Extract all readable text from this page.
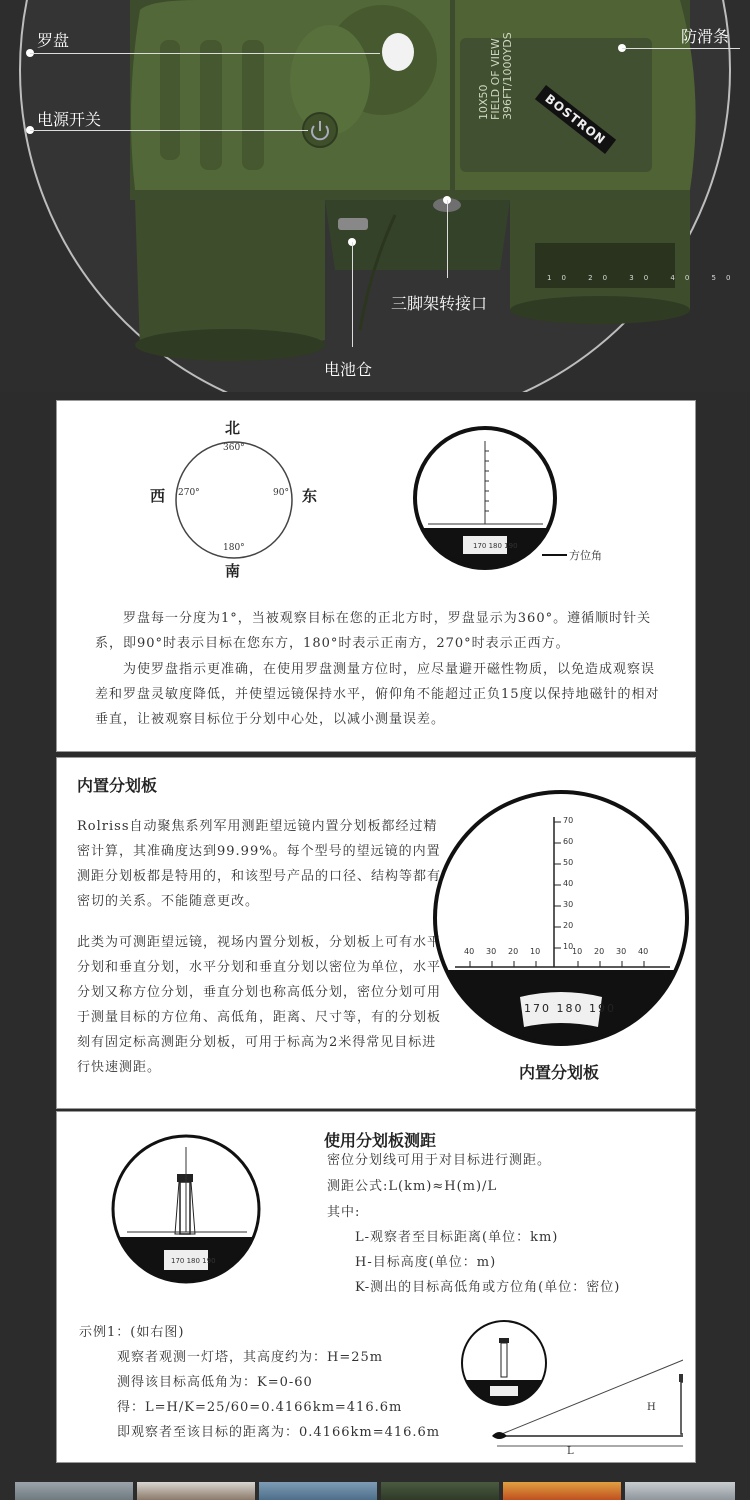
BOSTRON
10X50 FIELD OF VIEW 396FT/1000YDS
10 20 30 40 50
罗盘
电源开关
防滑条
三脚架转接口
电池仓
北
南
东
西
360°
90°
180°
270°
170 180 190
方位角
罗盘每一分度为1°，当被观察目标在您的正北方时，罗盘显示为360°。遵循顺时针关系，即90°时表示目标在您东方，180°时表示正南方，270°时表示正西方。
为使罗盘指示更准确，在使用罗盘测量方位时，应尽量避开磁性物质，以免造成观察误差和罗盘灵敏度降低，并使望远镜保持水平，俯仰角不能超过正负15度以保持地磁针的相对垂直，让被观察目标位于分划中心处，以减小测量误差。
内置分划板
Rolriss自动聚焦系列军用测距望远镜内置分划板都经过精密计算，其准确度达到99.99%。每个型号的望远镜的内置测距分划板都是特用的，和该型号产品的口径、结构等都有密切的关系。不能随意更改。
此类为可测距望远镜，视场内置分划板，分划板上可有水平分划和垂直分划，水平分划和垂直分划以密位为单位，水平分划又称方位分划，垂直分划也称高低分划，密位分划可用于测量目标的方位角、高低角，距离、尺寸等，有的分划板刻有固定标高测距分划板，可用于标高为2米得常见目标进行快速测距。
170 180 190
内置分划板
70
60
50
40
30
20
10
40 30 20 10	10 20 30 40
170 180 190
使用分划板测距
密位分划线可用于对目标进行测距。
测距公式:L(km)≈H(m)/L
其中:
L-观察者至目标距离(单位：km)
H-目标高度(单位：m)
K-测出的目标高低角或方位角(单位：密位)
示例1：(如右图)
观察者观测一灯塔，其高度约为：H=25m
测得该目标高低角为：K=0-60
得：L=H/K=25/60=0.4166km=416.6m
即观察者至该目标的距离为：0.4166km=416.6m
H
L
